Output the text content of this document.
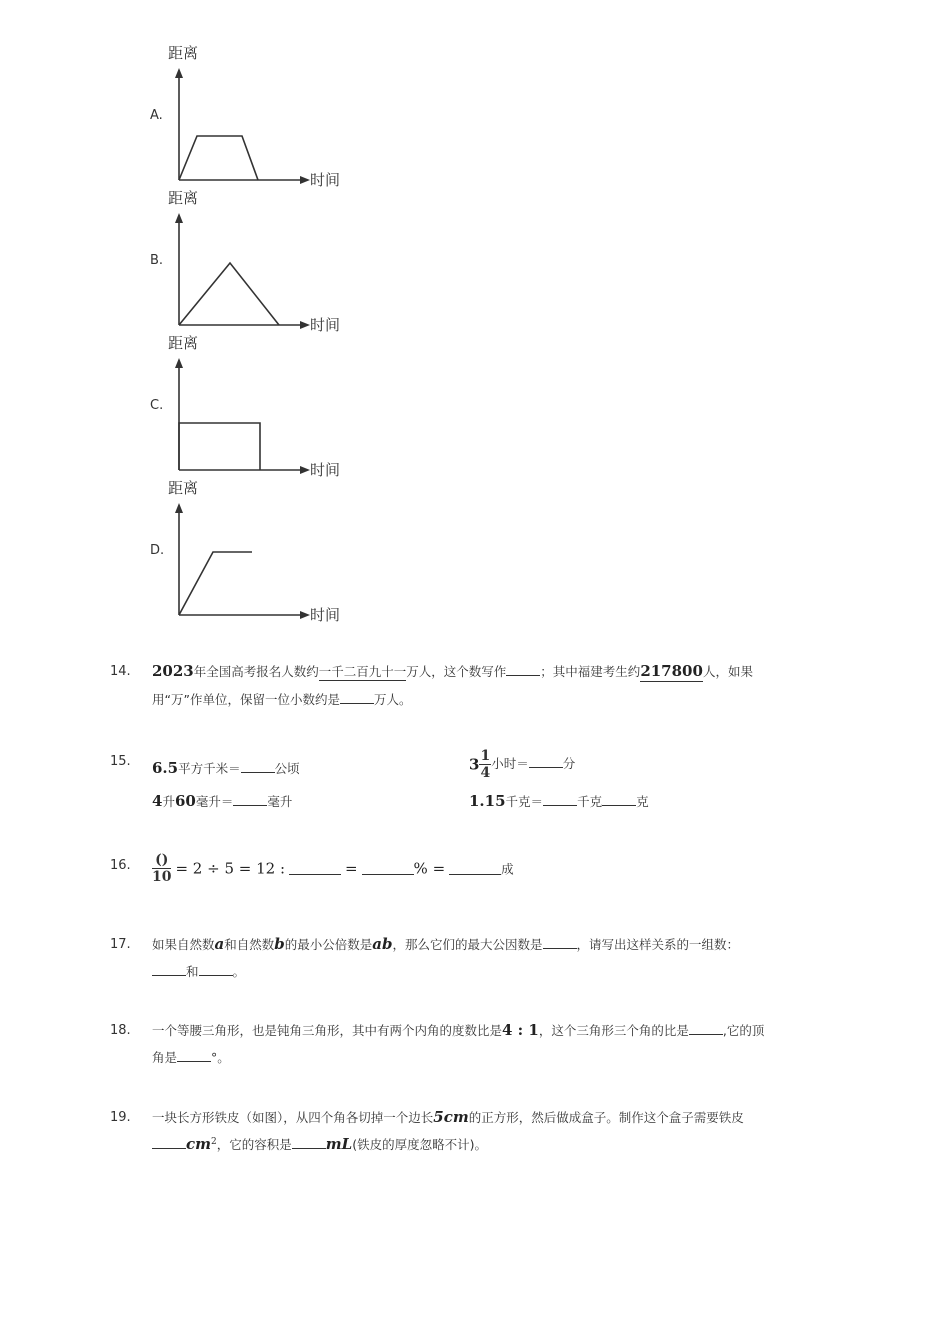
A.
距离
时间
B.
距离
时间
C.
距离
时间
D.
距离
时间
14. 2023年全国高考报名人数约一千二百九十一万人，这个数写作	；其中福建考生约217800人，如果
用“万”作单位，保留一位小数约是	万人。
15. 6.5平方千米＝	公顷	$3 \frac{1}{4}$ 小时＝	分
4升60毫升＝	毫升	1.15千克＝	千克	克
16. $\frac{()}{10} = 2 \div 5 = 12$ :	=	% =	成
17. 如果自然数a和自然数b的最小公倍数是ab，那么它们的最大公因数是	，请写出这样关系的一组数：
和	。
18. 一个等腰三角形，也是钝角三角形，其中有两个内角的度数比是4 : 1，这个三角形三个角的比是	,它的顶
角是	°。
19. 一块长方形铁皮（如图），从四个角各切掉一个边长5cm的正方形，然后做成盒子。制作这个盒子需要铁皮
$cm^2$，它的容积是 mL(铁皮的厚度忽略不计)。
